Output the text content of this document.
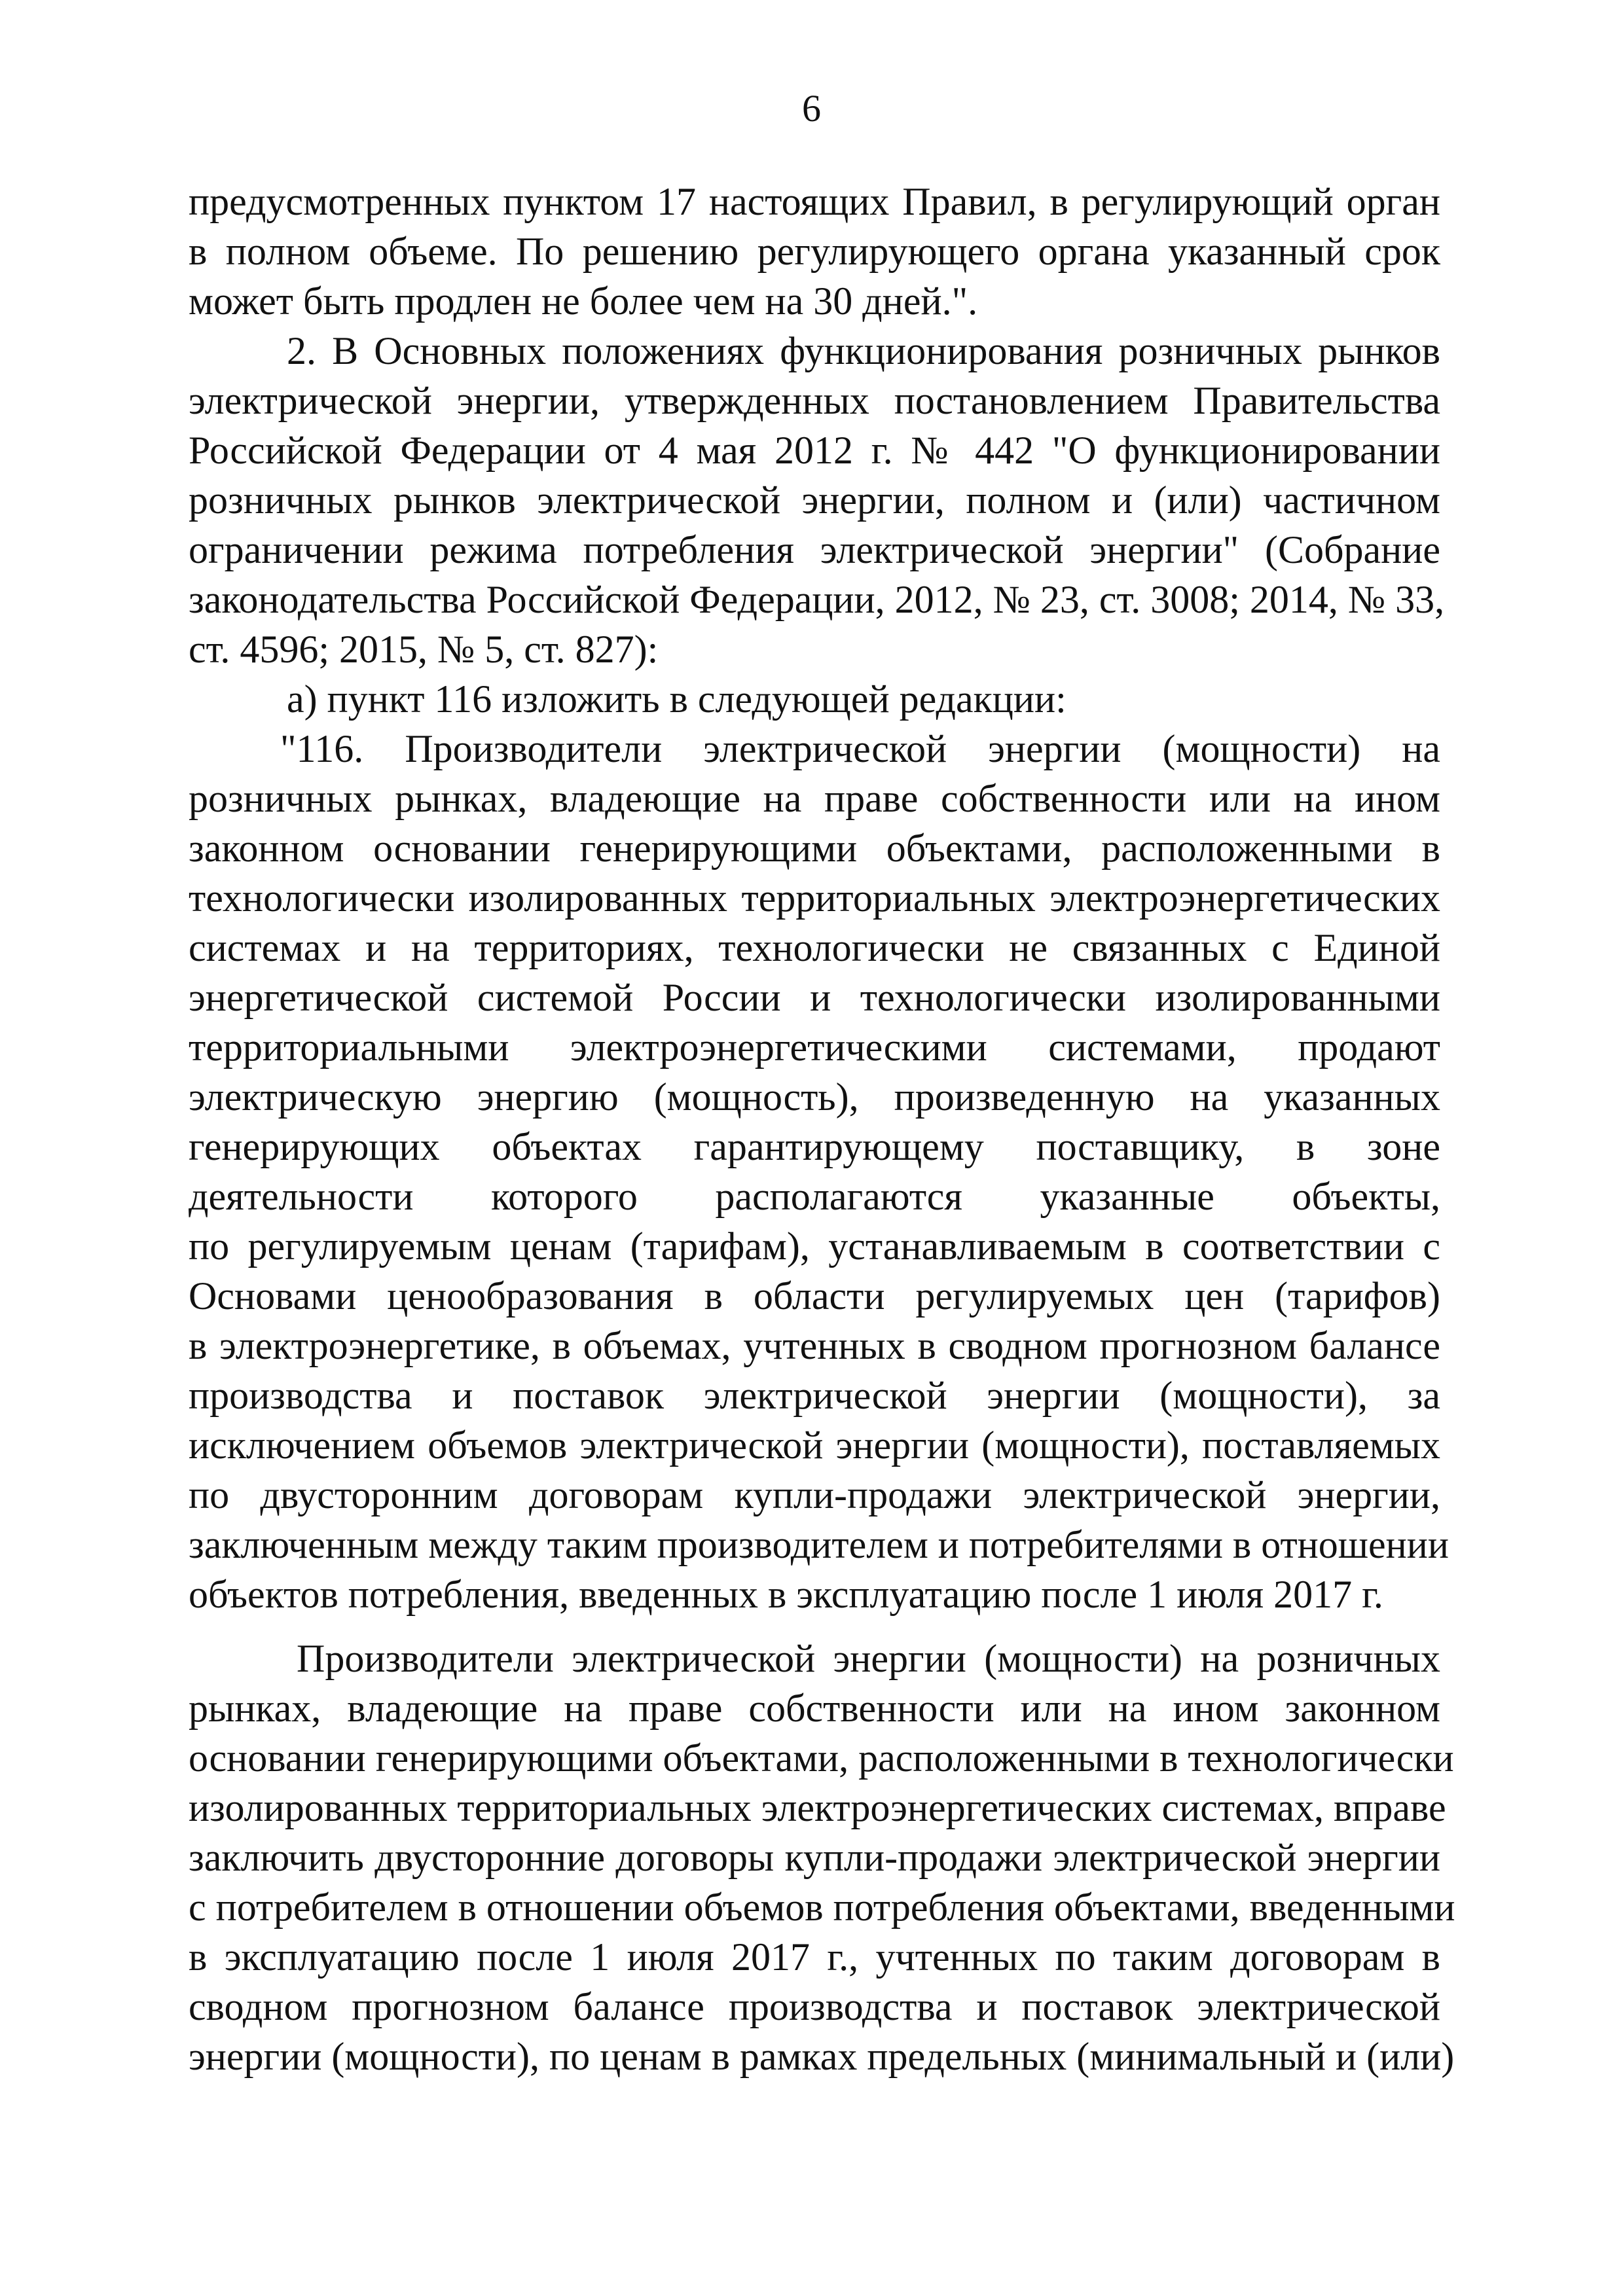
6
предусмотренных пунктом 17 настоящих Правил, в регулирующий орган
в полном объеме. По решению регулирующего органа указанный срок
может быть продлен не более чем на 30 дней.".
2. В Основных положениях функционирования розничных рынков
электрической энергии, утвержденных постановлением Правительства
Российской Федерации от 4 мая 2012 г. № 442 "О функционировании
розничных рынков электрической энергии, полном и (или) частичном
ограничении режима потребления электрической энергии" (Собрание
законодательства Российской Федерации, 2012, № 23, ст. 3008; 2014, № 33,
ст. 4596; 2015, № 5, ст. 827):
а) пункт 116 изложить в следующей редакции:
"116. Производители электрической энергии (мощности) на
розничных рынках, владеющие на праве собственности или на ином
законном основании генерирующими объектами, расположенными в
технологически изолированных территориальных электроэнергетических
системах и на территориях, технологически не связанных с Единой
энергетической системой России и технологически изолированными
территориальными электроэнергетическими системами, продают
электрическую энергию (мощность), произведенную на указанных
генерирующих объектах гарантирующему поставщику, в зоне
деятельности которого располагаются указанные объекты,
по регулируемым ценам (тарифам), устанавливаемым в соответствии с
Основами ценообразования в области регулируемых цен (тарифов)
в электроэнергетике, в объемах, учтенных в сводном прогнозном балансе
производства и поставок электрической энергии (мощности), за
исключением объемов электрической энергии (мощности), поставляемых
по двусторонним договорам купли-продажи электрической энергии,
заключенным между таким производителем и потребителями в отношении
объектов потребления, введенных в эксплуатацию после 1 июля 2017 г.
Производители электрической энергии (мощности) на розничных
рынках, владеющие на праве собственности или на ином законном
основании генерирующими объектами, расположенными в технологически
изолированных территориальных электроэнергетических системах, вправе
заключить двусторонние договоры купли-продажи электрической энергии
с потребителем в отношении объемов потребления объектами, введенными
в эксплуатацию после 1 июля 2017 г., учтенных по таким договорам в
сводном прогнозном балансе производства и поставок электрической
энергии (мощности), по ценам в рамках предельных (минимальный и (или)
